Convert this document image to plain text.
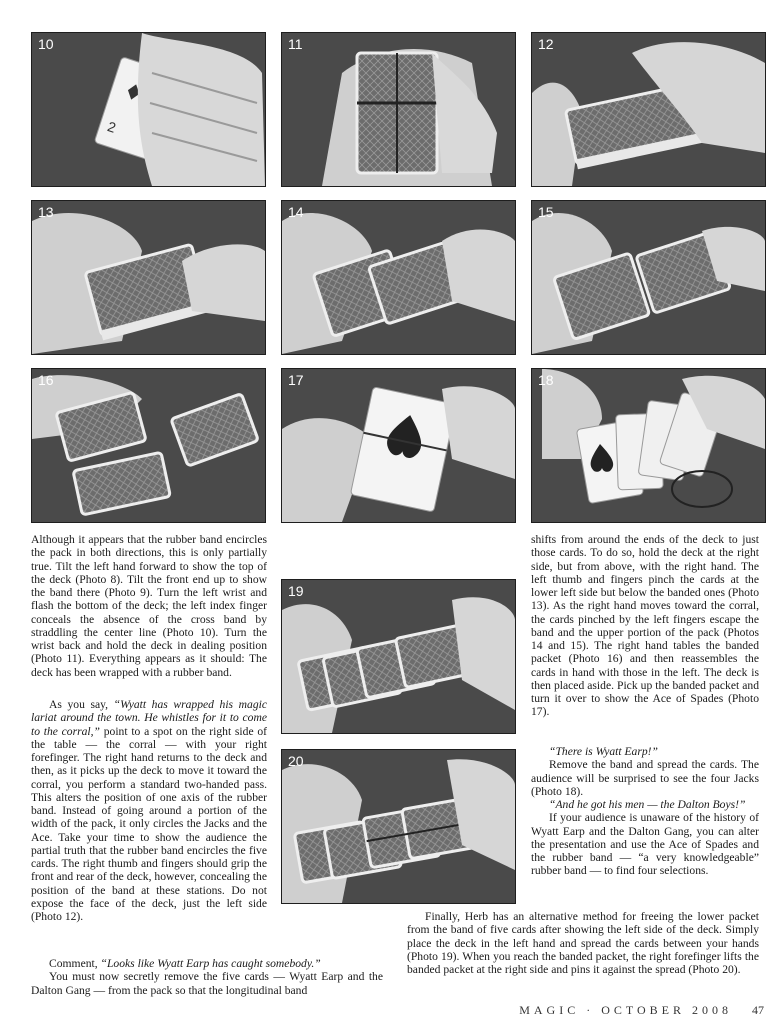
10
2
11	12
13	14	15
16	17	18
19
20

Although it appears that the rubber band encircles the pack in both directions, this is only partially true. Tilt the left hand forward to show the top of the deck (Photo 8). Tilt the front end up to show the band there (Photo 9). Turn the left wrist and flash the bottom of the deck; the left index finger conceals the absence of the cross band by straddling the center line (Photo 10). Turn the wrist back and hold the deck in dealing position (Photo 11). Everything appears as it should: The deck has been wrapped with a rubber band.

As you say, “Wyatt has wrapped his magic lariat around the town. He whistles for it to come to the corral,” point to a spot on the right side of the table — the corral — with your right forefinger. The right hand returns to the deck and then, as it picks up the deck to move it toward the corral, you perform a standard two-handed pass. This alters the position of one axis of the rubber band. Instead of going around a portion of the width of the pack, it only circles the Jacks and the Ace. Take your time to show the audience the partial truth that the rubber band encircles the five cards. The right thumb and fingers should grip the front and rear of the deck, however, concealing the position of the band at these stations. Do not expose the face of the deck, just the left side (Photo 12).

Comment, “Looks like Wyatt Earp has caught somebody.”

You must now secretly remove the five cards — Wyatt Earp and the Dalton Gang — from the pack so that the longitudinal band

shifts from around the ends of the deck to just those cards. To do so, hold the deck at the right side, but from above, with the right hand. The left thumb and fingers pinch the cards at the lower left side but below the banded ones (Photo 13). As the right hand moves toward the corral, the cards pinched by the left fingers escape the band and the upper portion of the pack (Photos 14 and 15). The right hand tables the banded packet (Photo 16) and then reassembles the cards in hand with those in the left. The deck is then placed aside. Pick up the banded packet and turn it over to show the Ace of Spades (Photo 17).

“There is Wyatt Earp!”

Remove the band and spread the cards. The audience will be surprised to see the four Jacks (Photo 18).

“And he got his men — the Dalton Boys!”

If your audience is unaware of the history of Wyatt Earp and the Dalton Gang, you can alter the presentation and use the Ace of Spades and the rubber band — “a very knowledgeable” rubber band — to find four selections.

Finally, Herb has an alternative method for freeing the lower packet from the band of five cards after showing the left side of the deck. Simply place the deck in the left hand and spread the cards between your hands (Photo 19). When you reach the banded packet, the right forefinger lifts the banded packet at the right side and pins it against the spread (Photo 20).

MAGIC · OCTOBER 2008 47
